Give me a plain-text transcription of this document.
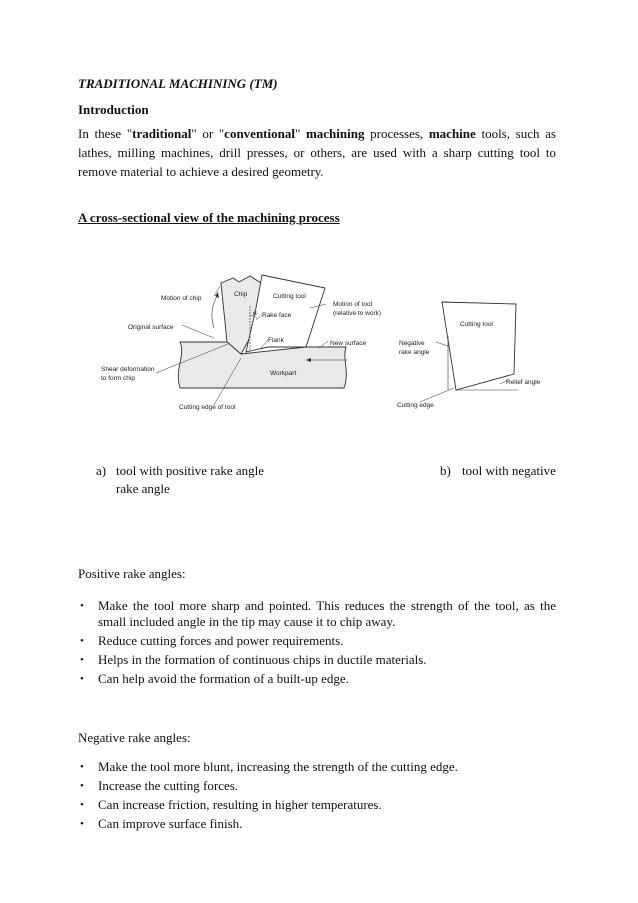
TRADITIONAL MACHINING (TM)
Introduction
In these "traditional" or "conventional" machining processes, machine tools, such as lathes, milling machines, drill presses, or others, are used with a sharp cutting tool to remove material to achieve a desired geometry.
A cross-sectional view of the machining process
α
Chip	Cutting tool
Motion of chip
Motion of tool
(relative to work)
Rake face
Original surface
Flank	New surface
Shear deformation
to form chip
Workpart
Cutting edge of tool
Cutting tool
Negative
rake angle
Relief angle
Cutting edge
a) tool with positive rake angle
rake angle
b) tool with negative
Positive rake angles:
• Make the tool more sharp and pointed. This reduces the strength of the tool, as the small included angle in the tip may cause it to chip away.
• Reduce cutting forces and power requirements.
• Helps in the formation of continuous chips in ductile materials.
• Can help avoid the formation of a built-up edge.
Negative rake angles:
• Make the tool more blunt, increasing the strength of the cutting edge.
• Increase the cutting forces.
• Can increase friction, resulting in higher temperatures.
• Can improve surface finish.
